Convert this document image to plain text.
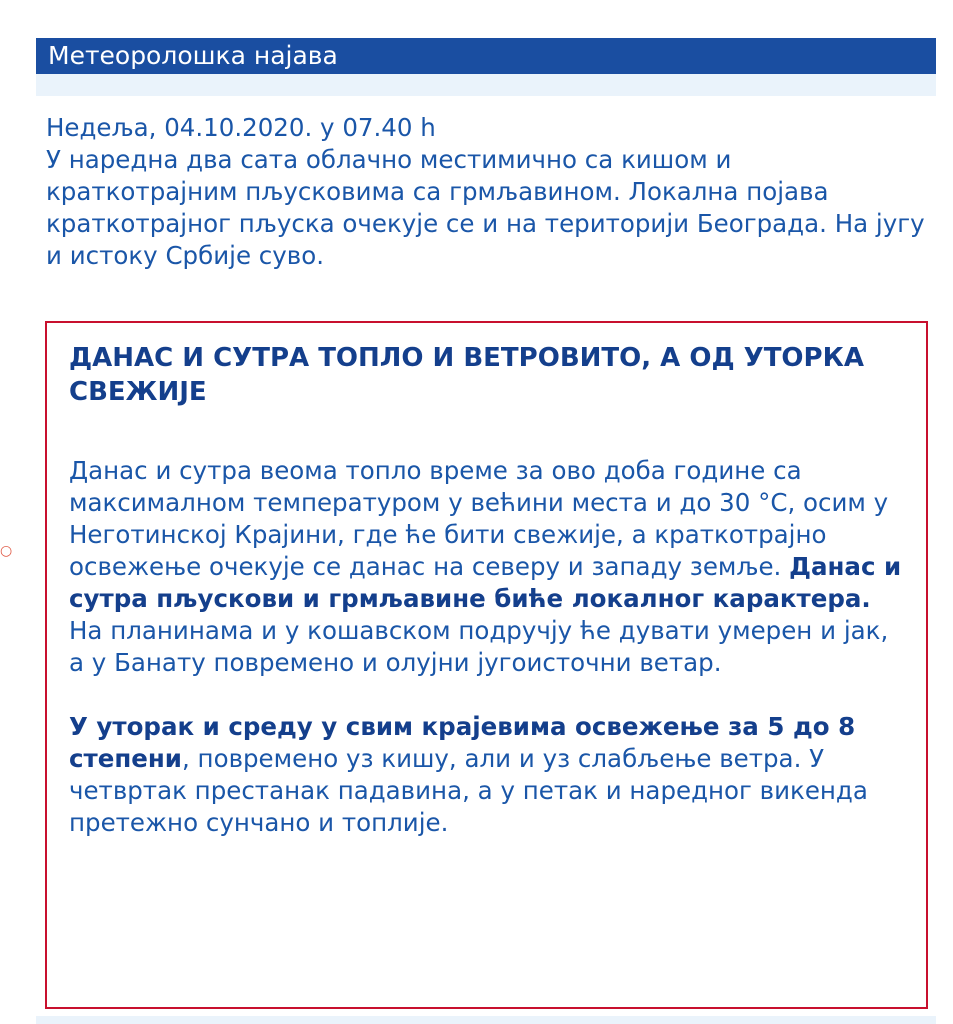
Метеоролошка најава

Недеља, 04.10.2020. у 07.40 h

У наредна два сата облачно местимично са кишом и краткотрајним пљусковима са грмљавином. Локална појава краткотрајног пљуска очекује се и на територији Београда. На југу и истоку Србије суво.

○
ДАНАС И СУТРА ТОПЛО И ВЕТРОВИТО, А ОД УТОРКА СВЕЖИЈЕ

Данас и сутра веома топло време за ово доба године са максималном температуром у већини места и до 30 °C, осим у Неготинској Крајини, где ће бити свежије, а краткотрајно освежење очекује се данас на северу и западу земље. Данас и сутра пљускови и грмљавине биће локалног карактера. На планинама и у кошавском подручју ће дувати умерен и јак, а у Банату повремено и олујни југоисточни ветар.

У уторак и среду у свим крајевима освежење за 5 до 8 степени, повремено уз кишу, али и уз слабљење ветра. У четвртак престанак падавина, а у петак и наредног викенда претежно сунчано и топлије.
